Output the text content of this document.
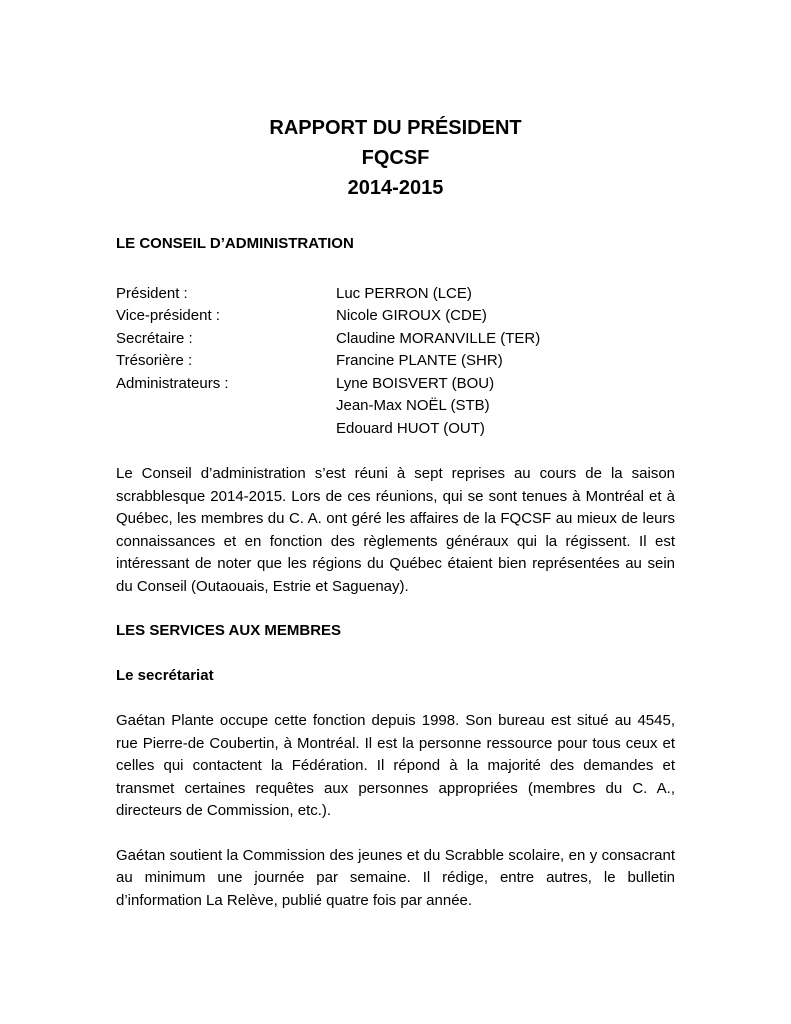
RAPPORT DU PRÉSIDENT

FQCSF

2014-2015

LE CONSEIL D’ADMINISTRATION

Président :	Luc PERRON (LCE)
Vice-président :	Nicole GIROUX (CDE)
Secrétaire :	Claudine MORANVILLE (TER)
Trésorière :	Francine PLANTE (SHR)
Administrateurs :	Lyne BOISVERT (BOU)
Jean-Max NOËL (STB)
Edouard HUOT (OUT)

Le Conseil d’administration s’est réuni à sept reprises au cours de la saison scrabblesque 2014-2015. Lors de ces réunions, qui se sont tenues à Montréal et à Québec, les membres du C. A. ont géré les affaires de la FQCSF au mieux de leurs connaissances et en fonction des règlements généraux qui la régissent. Il est intéressant de noter que les régions du Québec étaient bien représentées au sein du Conseil (Outaouais, Estrie et Saguenay).

LES SERVICES AUX MEMBRES

Le secrétariat

Gaétan Plante occupe cette fonction depuis 1998. Son bureau est situé au 4545, rue Pierre-de Coubertin, à Montréal. Il est la personne ressource pour tous ceux et celles qui contactent la Fédération. Il répond à la majorité des demandes et transmet certaines requêtes aux personnes appropriées (membres du C. A., directeurs de Commission, etc.).

Gaétan soutient la Commission des jeunes et du Scrabble scolaire, en y consacrant au minimum une journée par semaine. Il rédige, entre autres, le bulletin d’information La Relève, publié quatre fois par année.
